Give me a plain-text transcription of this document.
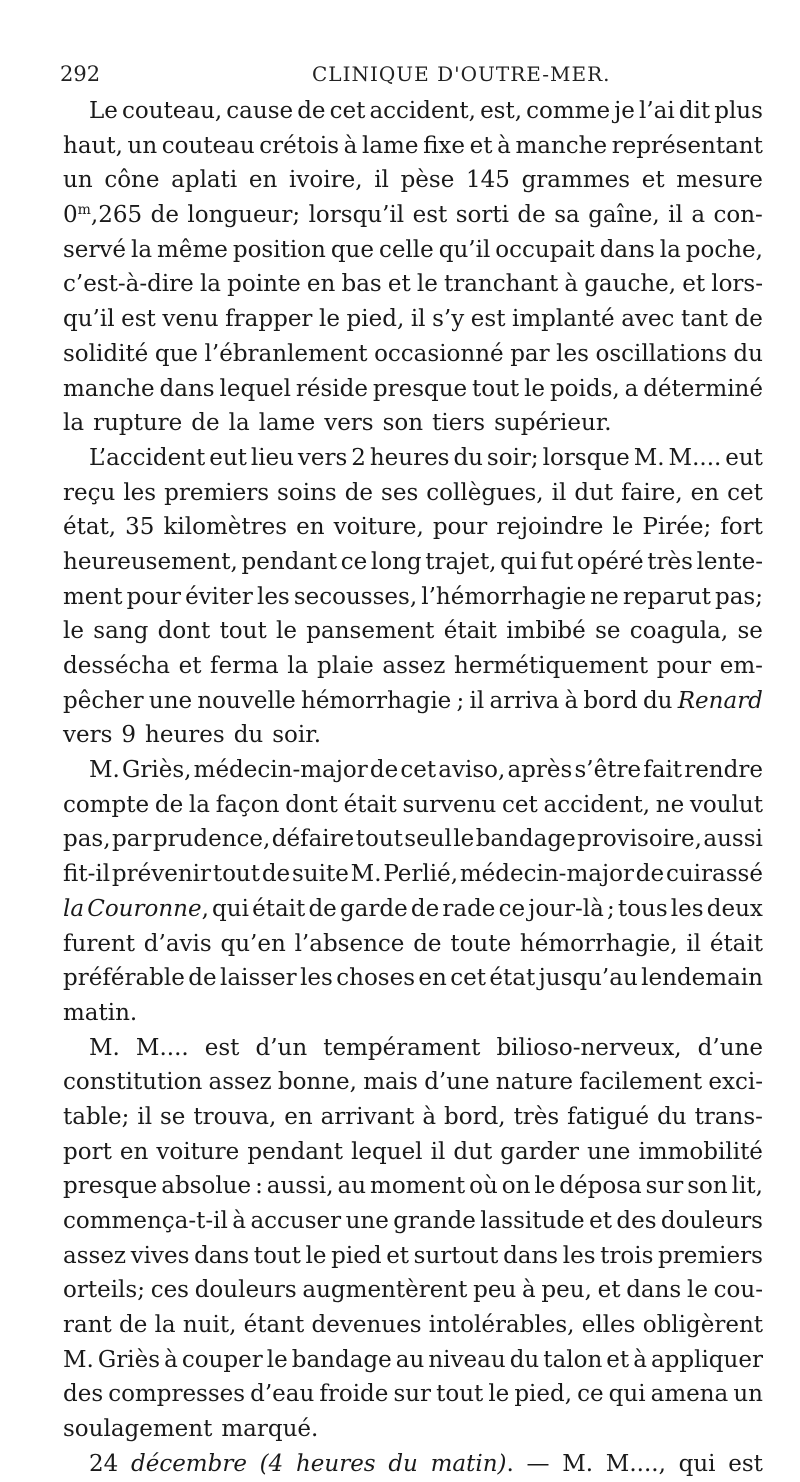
292	CLINIQUE D'OUTRE-MER.
Le couteau, cause de cet accident, est, comme je l’ai dit plus
haut, un couteau crétois à lame fixe et à manche représentant
un cône aplati en ivoire, il pèse 145 grammes et mesure
0$^m$,265 de longueur; lorsqu’il est sorti de sa gaîne, il a con-
servé la même position que celle qu’il occupait dans la poche,
c’est-à-dire la pointe en bas et le tranchant à gauche, et lors-
qu’il est venu frapper le pied, il s’y est implanté avec tant de
solidité que l’ébranlement occasionné par les oscillations du
manche dans lequel réside presque tout le poids, a déterminé
la rupture de la lame vers son tiers supérieur.
L’accident eut lieu vers 2 heures du soir; lorsque M. M.... eut
reçu les premiers soins de ses collègues, il dut faire, en cet
état, 35 kilomètres en voiture, pour rejoindre le Pirée; fort
heureusement, pendant ce long trajet, qui fut opéré très lente-
ment pour éviter les secousses, l’hémorrhagie ne reparut pas;
le sang dont tout le pansement était imbibé se coagula, se
dessécha et ferma la plaie assez hermétiquement pour em-
pêcher une nouvelle hémorrhagie ; il arriva à bord du Renard
vers 9 heures du soir.
M. Griès, médecin-major de cet aviso, après s’être fait rendre
compte de la façon dont était survenu cet accident, ne voulut
pas, par prudence, défaire tout seul le bandage provisoire, aussi
fit-il prévenir tout de suite M. Perlié, médecin-major de cuirassé
la Couronne, qui était de garde de rade ce jour-là ; tous les deux
furent d’avis qu’en l’absence de toute hémorrhagie, il était
préférable de laisser les choses en cet état jusqu’au lendemain
matin.
M. M.... est d’un tempérament bilioso-nerveux, d’une
constitution assez bonne, mais d’une nature facilement exci-
table; il se trouva, en arrivant à bord, très fatigué du trans-
port en voiture pendant lequel il dut garder une immobilité
presque absolue : aussi, au moment où on le déposa sur son lit,
commença-t-il à accuser une grande lassitude et des douleurs
assez vives dans tout le pied et surtout dans les trois premiers
orteils; ces douleurs augmentèrent peu à peu, et dans le cou-
rant de la nuit, étant devenues intolérables, elles obligèrent
M. Griès à couper le bandage au niveau du talon et à appliquer
des compresses d’eau froide sur tout le pied, ce qui amena un
soulagement marqué.
24 décembre (4 heures du matin). — M. M...., qui est
